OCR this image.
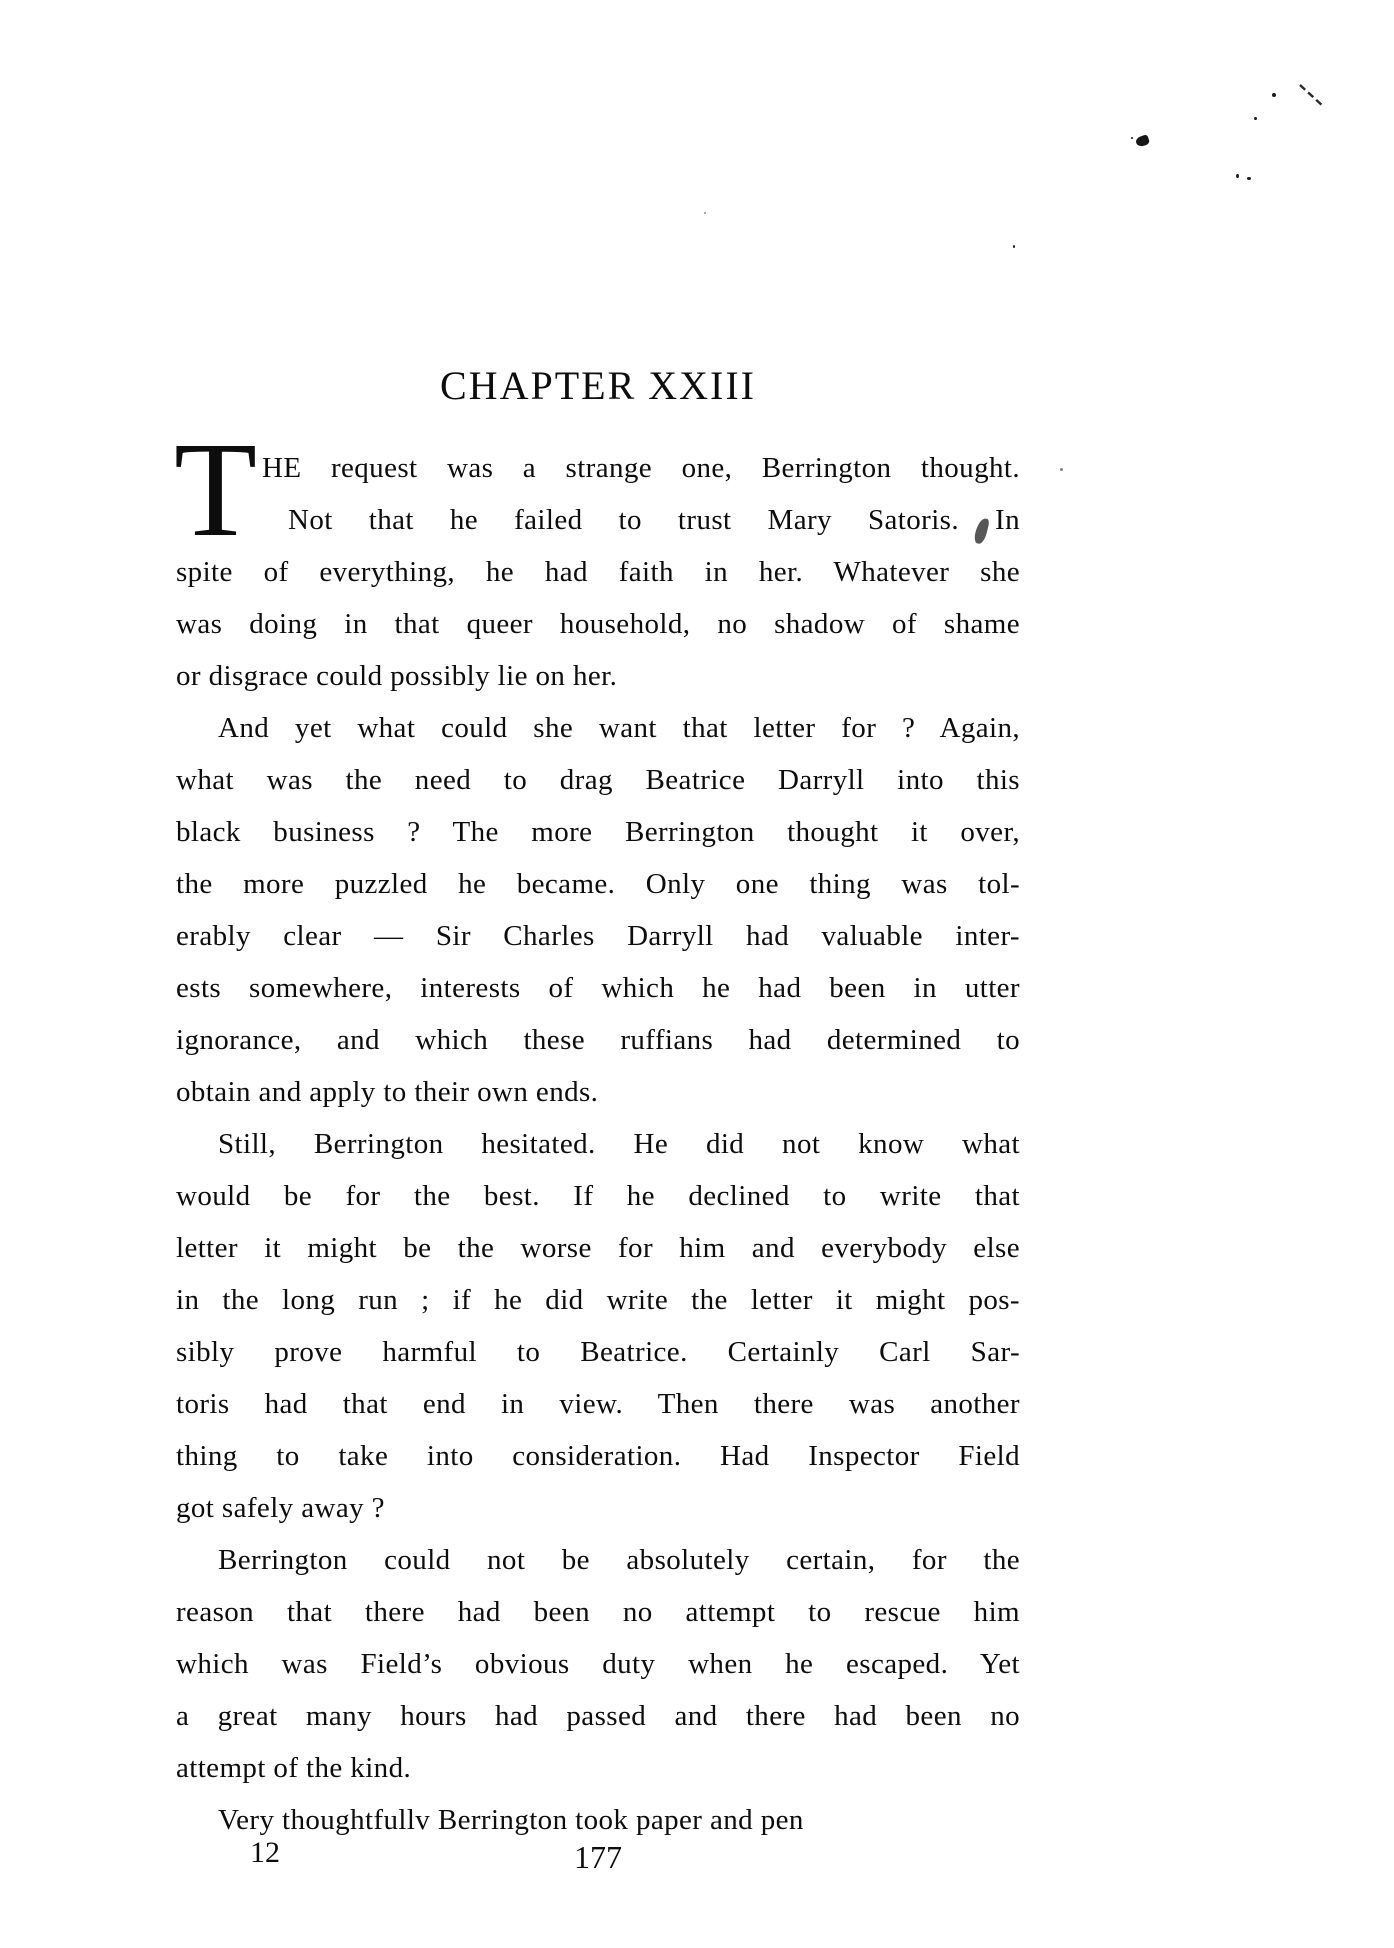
CHAPTER XXIII
T HE request was a strange one, Berrington thought.
Not that he failed to trust Mary Satoris. In
spite of everything, he had faith in her. Whatever she
was doing in that queer household, no shadow of shame
or disgrace could possibly lie on her.
And yet what could she want that letter for ? Again,
what was the need to drag Beatrice Darryll into this
black business ? The more Berrington thought it over,
the more puzzled he became. Only one thing was tol-
erably clear — Sir Charles Darryll had valuable inter-
ests somewhere, interests of which he had been in utter
ignorance, and which these ruffians had determined to
obtain and apply to their own ends.
Still, Berrington hesitated. He did not know what
would be for the best. If he declined to write that
letter it might be the worse for him and everybody else
in the long run ; if he did write the letter it might pos-
sibly prove harmful to Beatrice. Certainly Carl Sar-
toris had that end in view. Then there was another
thing to take into consideration. Had Inspector Field
got safely away ?
Berrington could not be absolutely certain, for the
reason that there had been no attempt to rescue him
which was Field’s obvious duty when he escaped. Yet
a great many hours had passed and there had been no
attempt of the kind.
Very thoughtfullv Berrington took paper and pen
12	177
